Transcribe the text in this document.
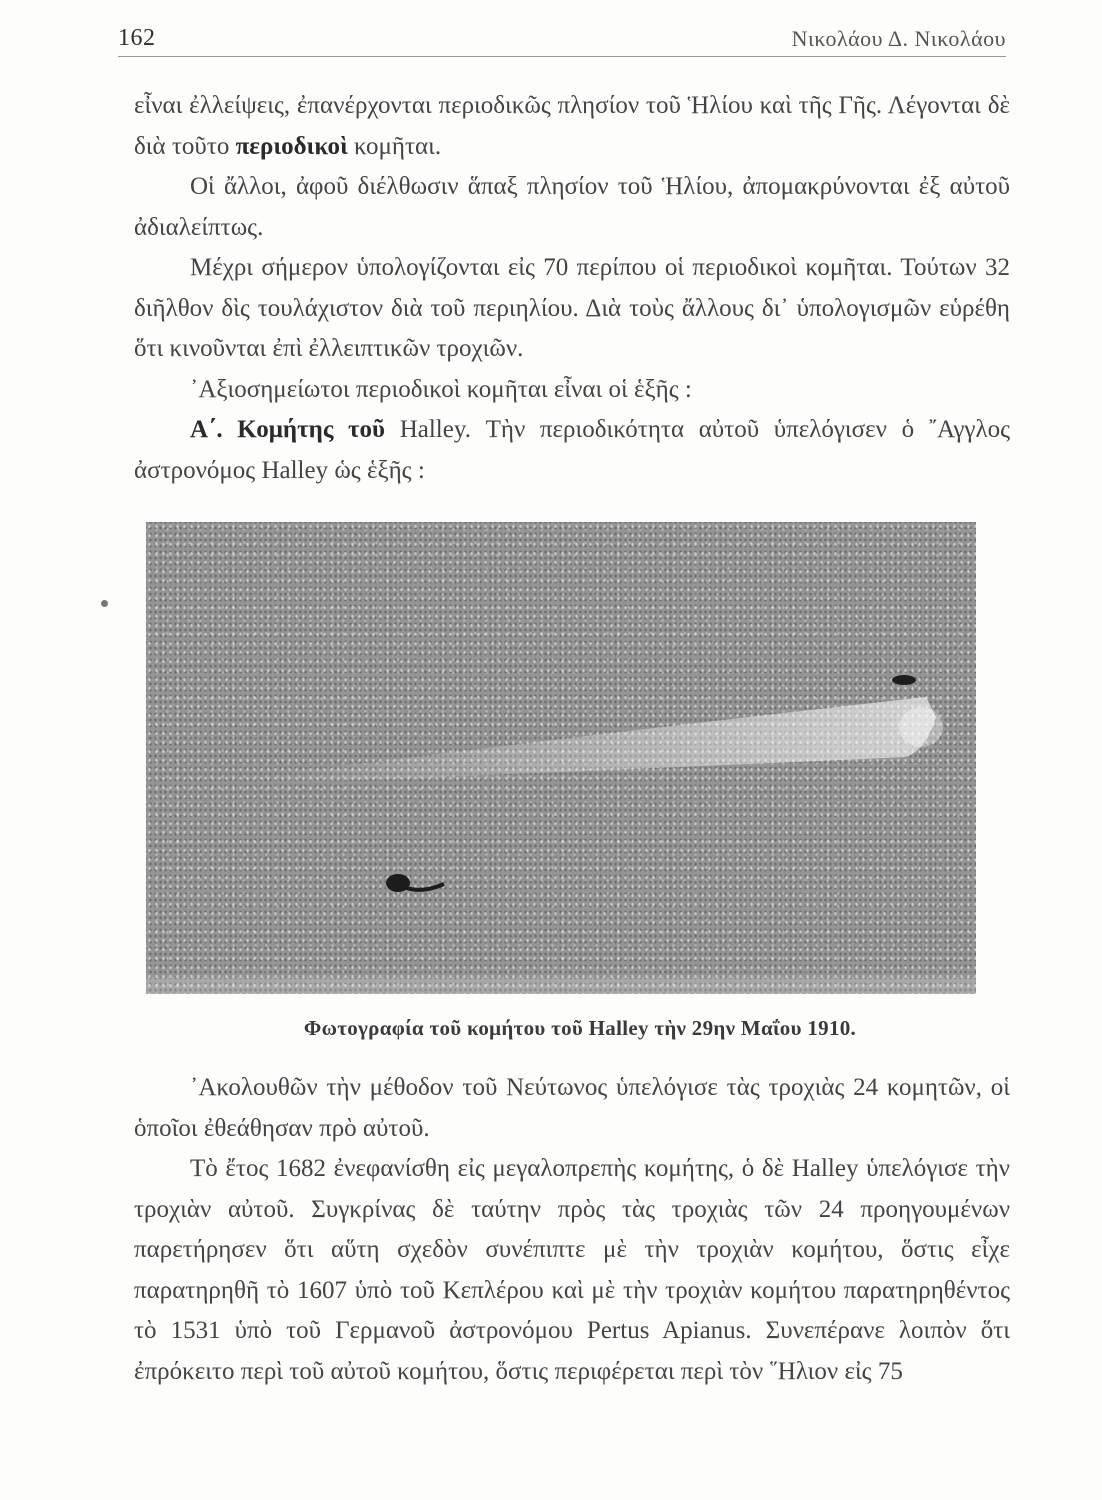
162	Νικολάου Δ. Νικολάου

εἶναι ἐλλείψεις, ἐπανέρχονται περιοδικῶς πλησίον τοῦ Ἡλίου καὶ τῆς Γῆς. Λέγονται δὲ διὰ τοῦτο περιοδικοὶ κομῆται.

Οἱ ἄλλοι, ἀφοῦ διέλθωσιν ἅπαξ πλησίον τοῦ Ἡλίου, ἀπομακρύνονται ἐξ αὐτοῦ ἀδιαλείπτως.

Μέχρι σήμερον ὑπολογίζονται εἰς 70 περίπου οἱ περιοδικοὶ κομῆται. Τούτων 32 διῆλθον δὶς τουλάχιστον διὰ τοῦ περιηλίου. Διὰ τοὺς ἄλλους δι᾽ ὑπολογισμῶν εὑρέθη ὅτι κινοῦνται ἐπὶ ἐλλειπτικῶν τροχιῶν.

᾽Αξιοσημείωτοι περιοδικοὶ κομῆται εἶναι οἱ ἑξῆς :

Α΄. Κομήτης τοῦ Halley. Τὴν περιοδικότητα αὐτοῦ ὑπελόγισεν ὁ ῎Αγγλος ἀστρονόμος Halley ὡς ἑξῆς :

Φωτογραφία τοῦ κομήτου τοῦ Halley τὴν 29ην Μαΐου 1910.

᾽Ακολουθῶν τὴν μέθοδον τοῦ Νεύτωνος ὑπελόγισε τὰς τροχιὰς 24 κομητῶν, οἱ ὁποῖοι ἐθεάθησαν πρὸ αὐτοῦ.

Τὸ ἔτος 1682 ἐνεφανίσθη εἰς μεγαλοπρεπὴς κομήτης, ὁ δὲ Halley ὑπελόγισε τὴν τροχιὰν αὐτοῦ. Συγκρίνας δὲ ταύτην πρὸς τὰς τροχιὰς τῶν 24 προηγουμένων παρετήρησεν ὅτι αὕτη σχεδὸν συνέπιπτε μὲ τὴν τροχιὰν κομήτου, ὅστις εἶχε παρατηρηθῆ τὸ 1607 ὑπὸ τοῦ Κεπλέρου καὶ μὲ τὴν τροχιὰν κομήτου παρατηρηθέντος τὸ 1531 ὑπὸ τοῦ Γερμανοῦ ἀστρονόμου Pertus Apianus. Συνεπέρανε λοιπὸν ὅτι ἐπρόκειτο περὶ τοῦ αὐτοῦ κομήτου, ὅστις περιφέρεται περὶ τὸν ῞Ηλιον εἰς 75
